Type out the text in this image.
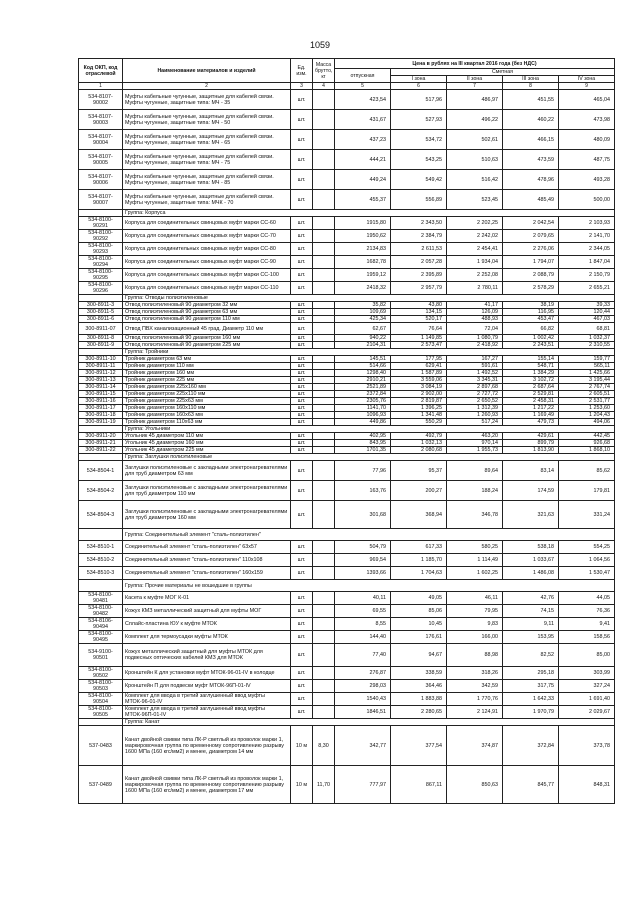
1059
Код ОКП, код отраслевой	Наименование материалов и изделий	Ед. изм.	Масса брутто, кг	Цена в рублях на III квартал 2016 года (без НДС)				
				отпускная	Сметная			
					I зона	II зона	III зона	IV зона
1	2	3	4	5	6	7	8	9
534-8107-90002	Муфты кабельные чугунные, защитные для кабелей связи. Муфты чугунные, защитные типа: МЧ - 35	шт.		423,54	517,96	486,97	451,55	465,04
534-8107-90003	Муфты кабельные чугунные, защитные для кабелей связи. Муфты чугунные, защитные типа: МЧ - 50	шт.		431,67	527,93	496,22	460,22	473,98
534-8107-90004	Муфты кабельные чугунные, защитные для кабелей связи. Муфты чугунные, защитные типа: МЧ - 65	шт.		437,23	534,72	502,61	466,15	480,09
534-8107-90005	Муфты кабельные чугунные, защитные для кабелей связи. Муфты чугунные, защитные типа: МЧ - 75	шт.		444,21	543,25	510,63	473,59	487,75
534-8107-90006	Муфты кабельные чугунные, защитные для кабелей связи. Муфты чугунные, защитные типа: МЧ - 85	шт.		449,24	549,42	516,42	478,96	493,28
534-8107-90007	Муфты кабельные чугунные, защитные для кабелей связи. Муфты чугунные, защитные типа: МЧК - 70	шт.		455,37	556,89	523,45	485,49	500,00
	Группа: Корпуса							
534-8100-90291	Корпуса для соединительных свинцовых муфт марки СС-60	шт.		1915,80	2 343,50	2 202,25	2 042,54	2 103,93
534-8100-90292	Корпуса для соединительных свинцовых муфт марки СС-70	шт.		1950,62	2 384,79	2 242,02	2 079,65	2 141,70
534-8100-90293	Корпуса для соединительных свинцовых муфт марки СС-80	шт.		2134,83	2 611,53	2 454,41	2 276,06	2 344,05
534-8100-90294	Корпуса для соединительных свинцовых муфт марки СС-90	шт.		1682,78	2 057,28	1 934,04	1 794,07	1 847,04
534-8100-90295	Корпуса для соединительных свинцовых муфт марки СС-100	шт.		1959,12	2 395,89	2 252,08	2 088,79	2 150,79
534-8100-90296	Корпуса для соединительных свинцовых муфт марки СС-110	шт.		2418,32	2 957,79	2 780,11	2 578,29	2 655,21
	Группа: Отводы полиэтиленовые							
300-8911-3	Отвод полиэтиленовый 90 диаметром 32 мм	шт.		35,82	43,80	41,17	38,19	39,33
300-8911-5	Отвод полиэтиленовый 90 диаметром 63 мм	шт.		109,69	134,15	126,09	116,95	120,44
300-8911-6	Отвод полиэтиленовый 90 диаметром 110 мм	шт.		425,34	520,17	488,93	453,47	467,03
300-8911-07	Отвод ПВХ канализационный 45 град. Диаметр 110 мм	шт.		62,67	76,64	72,04	66,82	68,81
300-8911-8	Отвод полиэтиленовый 90 диаметром 160 мм	шт.		940,22	1 149,85	1 080,79	1 002,42	1 032,37
300-8911-9	Отвод полиэтиленовый 90 диаметром 225 мм	шт.		2104,31	2 573,47	2 418,92	2 243,51	2 310,55
	Группа: Тройники							
300-8911-10	Тройник диаметром 63 мм	шт.		145,51	177,95	167,27	155,14	159,77
300-8911-11	Тройник диаметром 110 мм	шт.		514,66	629,41	591,61	548,71	565,11
300-8911-12	Тройник диаметром 160 мм	шт.		1298,40	1 587,89	1 492,52	1 384,29	1 425,66
300-8911-13	Тройник диаметром 225 мм	шт.		2910,21	3 559,06	3 345,31	3 102,72	3 195,44
300-8911-14	Тройник диаметром 225х160 мм	шт.		2521,89	3 084,19	2 897,68	2 687,64	2 767,74
300-8911-15	Тройник диаметром 225х110 мм	шт.		2372,84	2 902,00	2 727,72	2 529,81	2 605,51
300-8911-16	Тройник диаметром 225х63 мм	шт.		2305,76	2 819,87	2 650,52	2 458,31	2 531,77
300-8911-17	Тройник диаметром 160х110 мм	шт.		1141,70	1 396,25	1 312,39	1 217,22	1 253,60
300-8911-18	Тройник диаметром 160х63 мм	шт.		1096,93	1 341,48	1 260,93	1 169,49	1 204,43
300-8911-19	Тройник диаметром 110х63 мм	шт.		449,86	550,29	517,24	479,73	494,06
	Группа: Угольники							
300-8911-20	Угольник 45 диаметром 110 мм	шт.		402,95	492,79	463,20	429,61	442,45
300-8911-21	Угольник 45 диаметром 160 мм	шт.		843,95	1 032,13	970,14	899,79	926,68
300-8911-22	Угольник 45 диаметром 225 мм	шт.		1701,35	2 080,68	1 955,73	1 813,90	1 868,10
	Группа: Заглушки полиэтиленовые							
534-8504-1	Заглушки полиэтиленовые с закладными электронагревателями для труб диаметром 63 мм	шт.		77,96	95,37	89,64	83,14	85,62
534-8504-2	Заглушки полиэтиленовые с закладными электронагревателями для труб диаметром 110 мм	шт.		163,76	200,27	188,24	174,59	179,81
534-8504-3	Заглушки полиэтиленовые с закладными электронагревателями для труб диаметром 160 мм	шт.		301,68	368,94	346,78	321,63	331,24
	Группа: Соединительный элемент "сталь-полиэтилен"							
534-8510-1	Соединительный элемент "сталь-полиэтилен" 63х57	шт.		504,79	617,33	580,25	538,18	554,25
534-8510-2	Соединительный элемент "сталь-полиэтилен" 110х108	шт.		969,54	1 185,70	1 114,49	1 033,67	1 064,56
534-8510-3	Соединительный элемент "сталь-полиэтилен" 160х159	шт.		1393,66	1 704,63	1 602,25	1 486,08	1 530,47
	Группа: Прочие материалы не вошедшие в группы							
534-8100-90481	Касета к муфте МОГ К-01	шт.		40,11	49,05	46,11	42,76	44,05
534-8100-90482	Кожух КМЗ металлический защитный для муфты МОГ	шт.		69,55	85,06	79,95	74,15	76,36
534-8106-90494	Сплайс-пластина ЮУ к муфте МТОК	шт.		8,55	10,45	9,83	9,11	9,41
534-8100-90495	Комплект для термоусадки муфты МТОК	шт.		144,40	176,61	166,00	153,95	158,56
534-9100-90501	Кожух металлический защитный для муфты МТОК для подвесных оптических кабелей КМЗ для МТОК	шт.		77,40	94,67	88,98	82,52	85,00
534-8100-90502	Кронштейн К для установки муфт МТОК-96-01-IV в колодце	шт.		276,87	338,59	318,26	295,18	303,99
534-8100-90503	Кронштейн П для подвески муфт МТОК-96П-01-IV	шт.		298,03	364,46	342,59	317,75	327,24
534-8100-90504	Комплект для ввода в третий заглушенный ввод муфты МТОК-96-01-IV	шт.		1540,43	1 883,88	1 770,76	1 642,33	1 691,40
534-8100-90505	Комплект для ввода в третий заглушенный ввод муфты МТОК-96П-01-IV	шт.		1846,51	2 280,65	2 124,91	1 970,79	2 029,67
	Группа: Канат							
537-0483	Канат двойной свивки типа ЛК-Р светлый из проволок марки 1, маркировочная группа по временному сопротивлению разрыву 1600 МПа (160 кгс/мм2) и менее, диаметром 14 мм	10 м	8,30	342,77	377,54	374,87	372,84	373,78
537-0489	Канат двойной свивки типа ЛК-Р светлый из проволок марки 1, маркировочная группа по временному сопротивлению разрыву 1600 МПа (160 кгс/мм2) и менее, диаметром 17 мм	10 м	11,70	777,97	867,11	850,63	845,77	848,31
